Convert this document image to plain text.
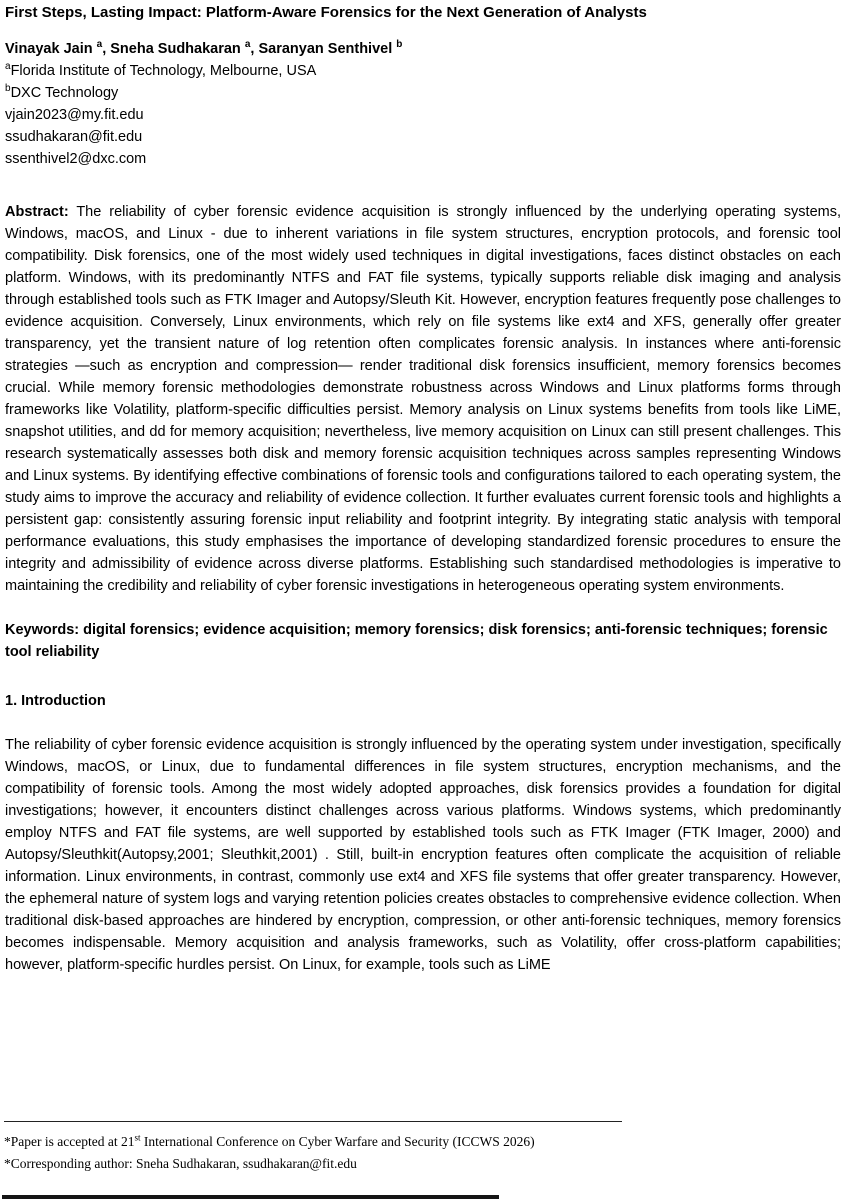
First Steps, Lasting Impact: Platform-Aware Forensics for the Next Generation of Analysts

Vinayak Jain $^a$, Sneha Sudhakaran $^a$, Saranyan Senthivel $^b$

$^a$Florida Institute of Technology, Melbourne, USA

$^b$DXC Technology

vjain2023@my.fit.edu

ssudhakaran@fit.edu

ssenthivel2@dxc.com

Abstract: The reliability of cyber forensic evidence acquisition is strongly influenced by the underlying operating systems, Windows, macOS, and Linux - due to inherent variations in file system structures, encryption protocols, and forensic tool compatibility. Disk forensics, one of the most widely used techniques in digital investigations, faces distinct obstacles on each platform. Windows, with its predominantly NTFS and FAT file systems, typically supports reliable disk imaging and analysis through established tools such as FTK Imager and Autopsy/Sleuth Kit. However, encryption features frequently pose challenges to evidence acquisition. Conversely, Linux environments, which rely on file systems like ext4 and XFS, generally offer greater transparency, yet the transient nature of log retention often complicates forensic analysis. In instances where anti-forensic strategies —such as encryption and compression— render traditional disk forensics insufficient, memory forensics becomes crucial. While memory forensic methodologies demonstrate robustness across Windows and Linux platforms forms through frameworks like Volatility, platform-specific difficulties persist. Memory analysis on Linux systems benefits from tools like LiME, snapshot utilities, and dd for memory acquisition; nevertheless, live memory acquisition on Linux can still present challenges. This research systematically assesses both disk and memory forensic acquisition techniques across samples representing Windows and Linux systems. By identifying effective combinations of forensic tools and configurations tailored to each operating system, the study aims to improve the accuracy and reliability of evidence collection. It further evaluates current forensic tools and highlights a persistent gap: consistently assuring forensic input reliability and footprint integrity. By integrating static analysis with temporal performance evaluations, this study emphasises the importance of developing standardized forensic procedures to ensure the integrity and admissibility of evidence across diverse platforms. Establishing such standardised methodologies is imperative to maintaining the credibility and reliability of cyber forensic investigations in heterogeneous operating system environments.

Keywords: digital forensics; evidence acquisition; memory forensics; disk forensics; anti-forensic techniques; forensic tool reliability

1. Introduction

The reliability of cyber forensic evidence acquisition is strongly influenced by the operating system under investigation, specifically Windows, macOS, or Linux, due to fundamental differences in file system structures, encryption mechanisms, and the compatibility of forensic tools. Among the most widely adopted approaches, disk forensics provides a foundation for digital investigations; however, it encounters distinct challenges across various platforms. Windows systems, which predominantly employ NTFS and FAT file systems, are well supported by established tools such as FTK Imager (FTK Imager, 2000) and Autopsy/Sleuthkit(Autopsy,2001; Sleuthkit,2001) . Still, built-in encryption features often complicate the acquisition of reliable information. Linux environments, in contrast, commonly use ext4 and XFS file systems that offer greater transparency. However, the ephemeral nature of system logs and varying retention policies creates obstacles to comprehensive evidence collection. When traditional disk-based approaches are hindered by encryption, compression, or other anti-forensic techniques, memory forensics becomes indispensable. Memory acquisition and analysis frameworks, such as Volatility, offer cross-platform capabilities; however, platform-specific hurdles persist. On Linux, for example, tools such as LiME

*Paper is accepted at 21st International Conference on Cyber Warfare and Security (ICCWS 2026)

*Corresponding author: Sneha Sudhakaran, ssudhakaran@fit.edu
